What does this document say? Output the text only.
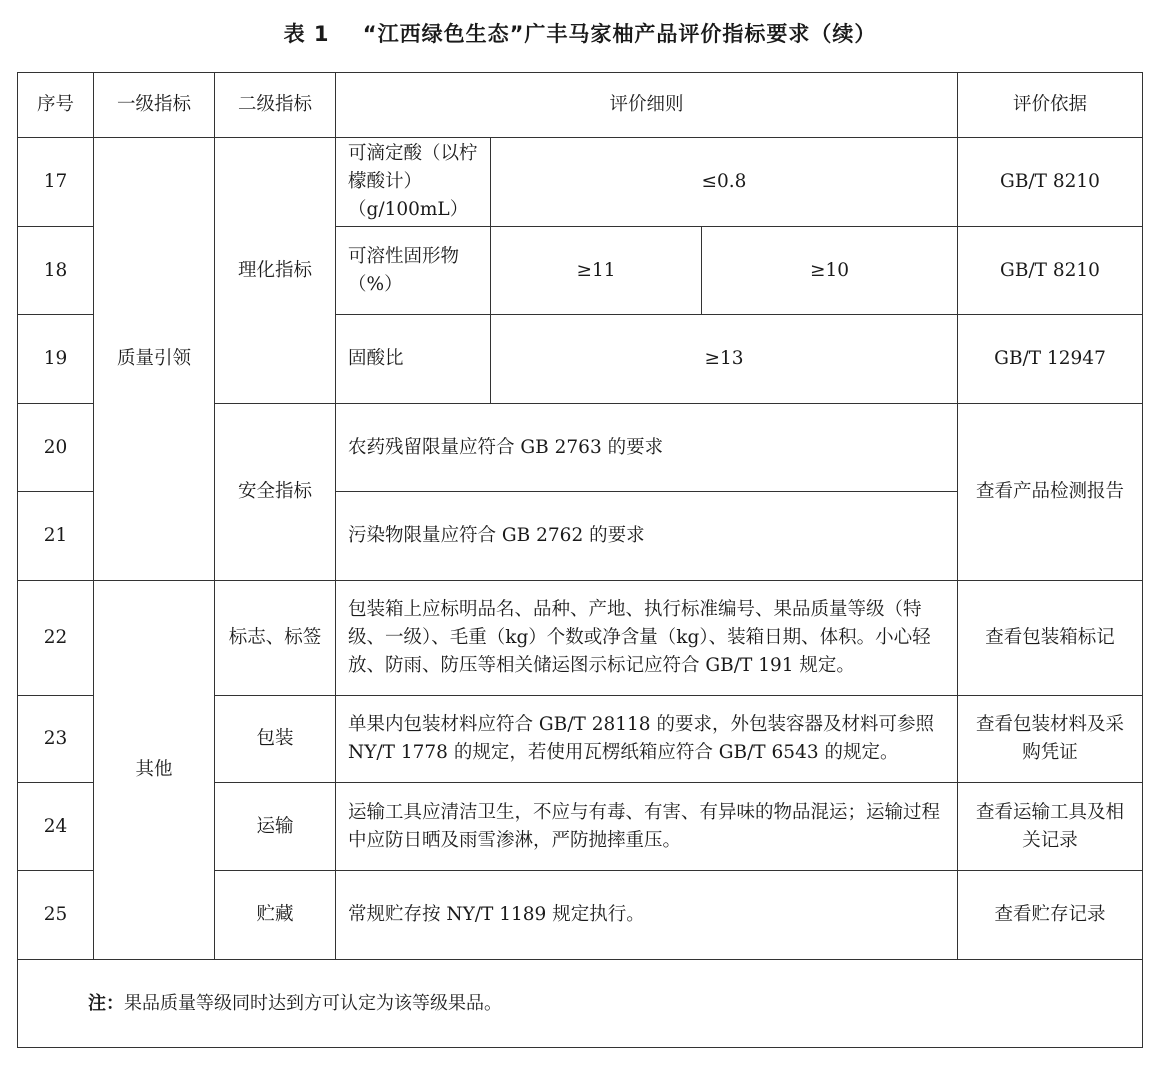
表 1    “江西绿色生态”广丰马家柚产品评价指标要求（续）
序号	一级指标	二级指标	评价细则			评价依据
17	质量引领	理化指标	可滴定酸（以柠檬酸计）（g/100mL）	≤0.8		GB/T 8210
18			可溶性固形物（%）	≥11	≥10	GB/T 8210
19			固酸比	≥13		GB/T 12947
20		安全指标	农药残留限量应符合 GB 2763 的要求			查看产品检测报告
21			污染物限量应符合 GB 2762 的要求			
22	其他	标志、标签	包装箱上应标明品名、品种、产地、执行标准编号、果品质量等级（特级、一级）、毛重（kg）个数或净含量（kg）、装箱日期、体积。小心轻放、防雨、防压等相关储运图示标记应符合 GB/T 191 规定。			查看包装箱标记
23		包装	单果内包装材料应符合 GB/T 28118 的要求，外包装容器及材料可参照 NY/T 1778 的规定，若使用瓦楞纸箱应符合 GB/T 6543 的规定。			查看包装材料及采购凭证
24		运输	运输工具应清洁卫生，不应与有毒、有害、有异味的物品混运；运输过程中应防日晒及雨雪渗淋，严防抛摔重压。			查看运输工具及相关记录
25		贮藏	常规贮存按 NY/T 1189 规定执行。			查看贮存记录
注：果品质量等级同时达到方可认定为该等级果品。						
